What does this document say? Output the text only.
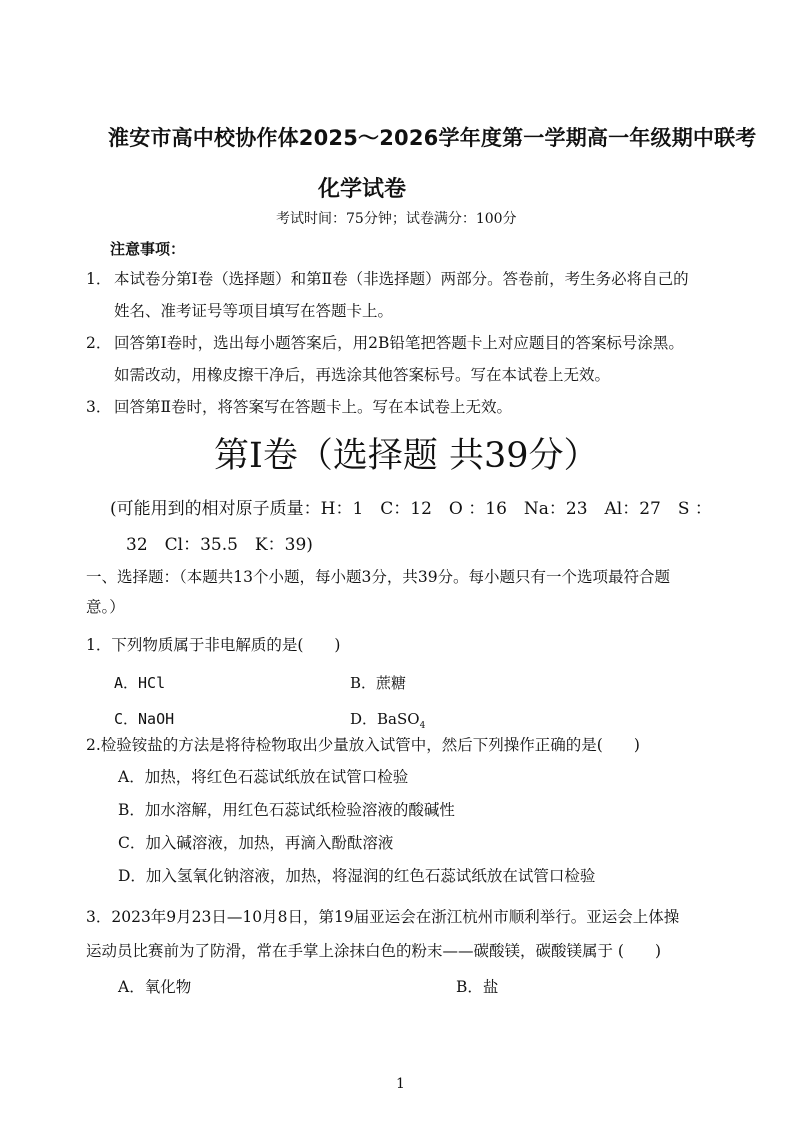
淮安市高中校协作体2025～2026学年度第一学期高一年级期中联考
化学试卷
考试时间：75分钟；试卷满分：100分
注意事项：
1． 本试卷分第Ⅰ卷（选择题）和第Ⅱ卷（非选择题）两部分。答卷前，考生务必将自己的
姓名、准考证号等项目填写在答题卡上。
2． 回答第Ⅰ卷时，选出每小题答案后，用2B铅笔把答题卡上对应题目的答案标号涂黑。
如需改动，用橡皮擦干净后，再选涂其他答案标号。写在本试卷上无效。
3． 回答第Ⅱ卷时，将答案写在答题卡上。写在本试卷上无效。
第Ⅰ卷（选择题 共39分）
(可能用到的相对原子质量：H：1　C：12　O ：16　Na：23　Al：27　S ：
32　Cl：35.5　K：39)
一、选择题：（本题共13个小题，每小题3分，共39分。每小题只有一个选项最符合题
意。）
1．下列物质属于非电解质的是(　　)
A．HCl	B．蔗糖
C．NaOH	D．BaSO$_4$
2.检验铵盐的方法是将待检物取出少量放入试管中，然后下列操作正确的是(　　)
A．加热，将红色石蕊试纸放在试管口检验
B．加水溶解，用红色石蕊试纸检验溶液的酸碱性
C．加入碱溶液，加热，再滴入酚酞溶液
D．加入氢氧化钠溶液，加热，将湿润的红色石蕊试纸放在试管口检验
3．2023年9月23日—10月8日，第19届亚运会在浙江杭州市顺利举行。亚运会上体操
运动员比赛前为了防滑，常在手掌上涂抹白色的粉末——碳酸镁，碳酸镁属于 (　　)
A．氧化物	B．盐
1
